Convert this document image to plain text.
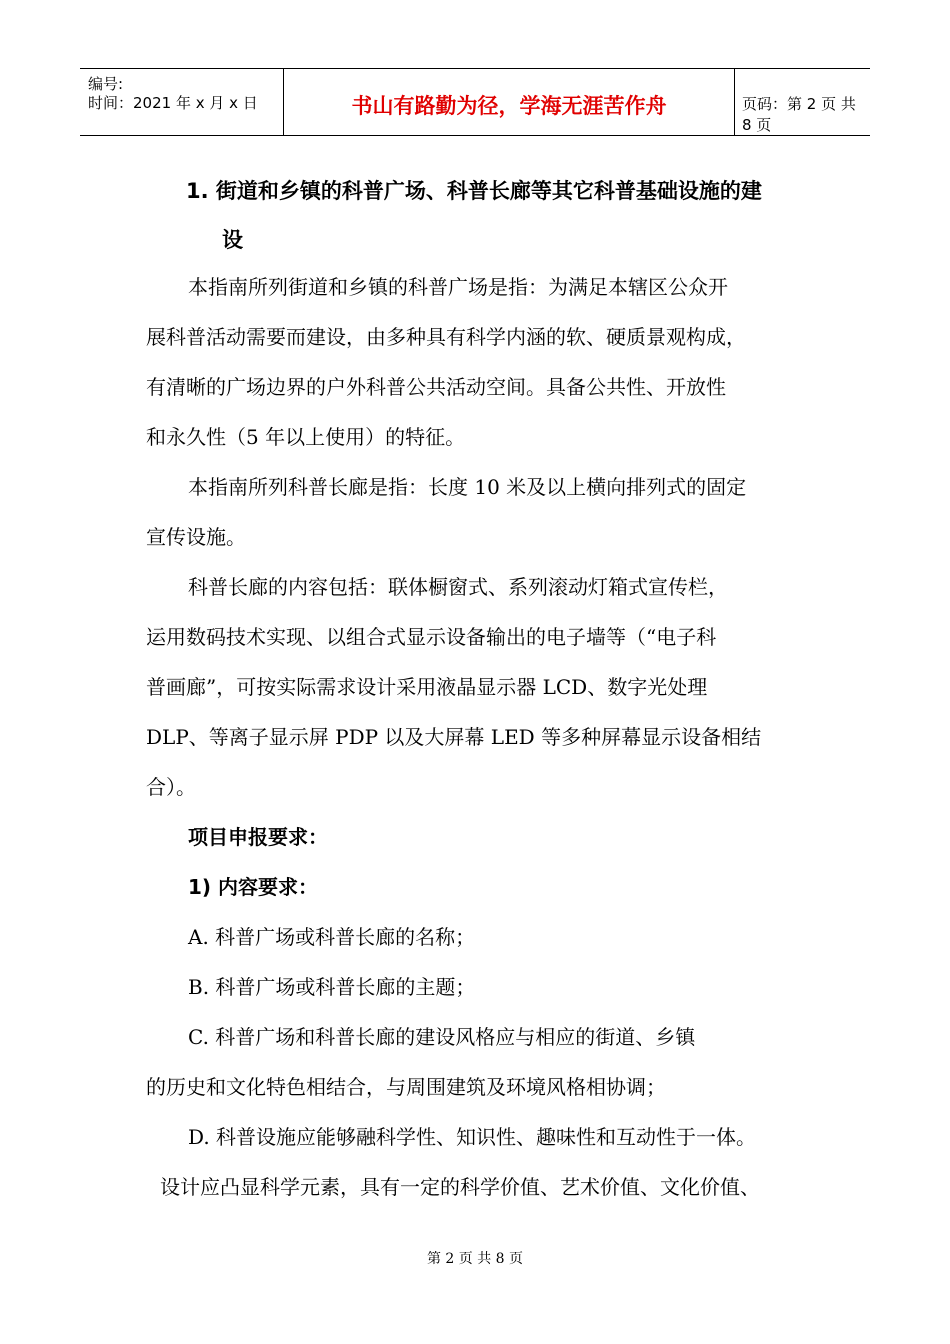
编号:
时间：2021 年 x 月 x 日	书山有路勤为径，学海无涯苦作舟	页码：第 2 页 共 8 页
1. 街道和乡镇的科普广场、科普长廊等其它科普基础设施的建
设
本指南所列街道和乡镇的科普广场是指：为满足本辖区公众开
展科普活动需要而建设，由多种具有科学内涵的软、硬质景观构成，
有清晰的广场边界的户外科普公共活动空间。具备公共性、开放性
和永久性（5 年以上使用）的特征。
本指南所列科普长廊是指：长度 10 米及以上横向排列式的固定
宣传设施。
科普长廊的内容包括：联体橱窗式、系列滚动灯箱式宣传栏，
运用数码技术实现、以组合式显示设备输出的电子墙等（“电子科
普画廊”，可按实际需求设计采用液晶显示器 LCD、数字光处理
DLP、等离子显示屏 PDP 以及大屏幕 LED 等多种屏幕显示设备相结
合）。
项目申报要求：
1) 内容要求：
A. 科普广场或科普长廊的名称；
B. 科普广场或科普长廊的主题；
C. 科普广场和科普长廊的建设风格应与相应的街道、乡镇
的历史和文化特色相结合，与周围建筑及环境风格相协调；
D. 科普设施应能够融科学性、知识性、趣味性和互动性于一体。
设计应凸显科学元素，具有一定的科学价值、艺术价值、文化价值、
第 2 页 共 8 页
